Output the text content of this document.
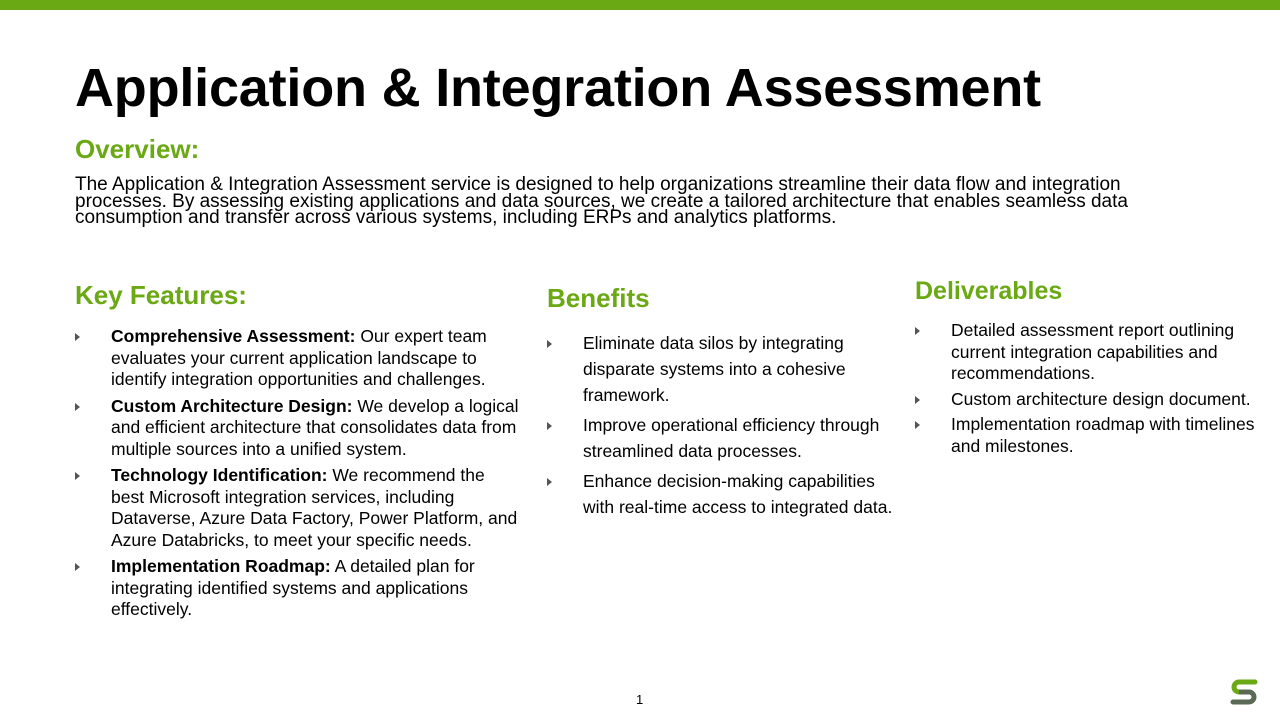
Application & Integration Assessment
Overview:

The Application & Integration Assessment service is designed to help organizations streamline their data flow and integration processes. By assessing existing applications and data sources, we create a tailored architecture that enables seamless data consumption and transfer across various systems, including ERPs and analytics platforms.

Key Features:
Comprehensive Assessment: Our expert team evaluates your current application landscape to identify integration opportunities and challenges.
Custom Architecture Design: We develop a logical and efficient architecture that consolidates data from multiple sources into a unified system.
Technology Identification: We recommend the best Microsoft integration services, including Dataverse, Azure Data Factory, Power Platform, and Azure Databricks, to meet your specific needs.
Implementation Roadmap: A detailed plan for integrating identified systems and applications effectively.
Benefits
Eliminate data silos by integrating disparate systems into a cohesive framework.
Improve operational efficiency through streamlined data processes.
Enhance decision-making capabilities with real-time access to integrated data.
Deliverables
Detailed assessment report outlining current integration capabilities and recommendations.
Custom architecture design document.
Implementation roadmap with timelines and milestones.
1
